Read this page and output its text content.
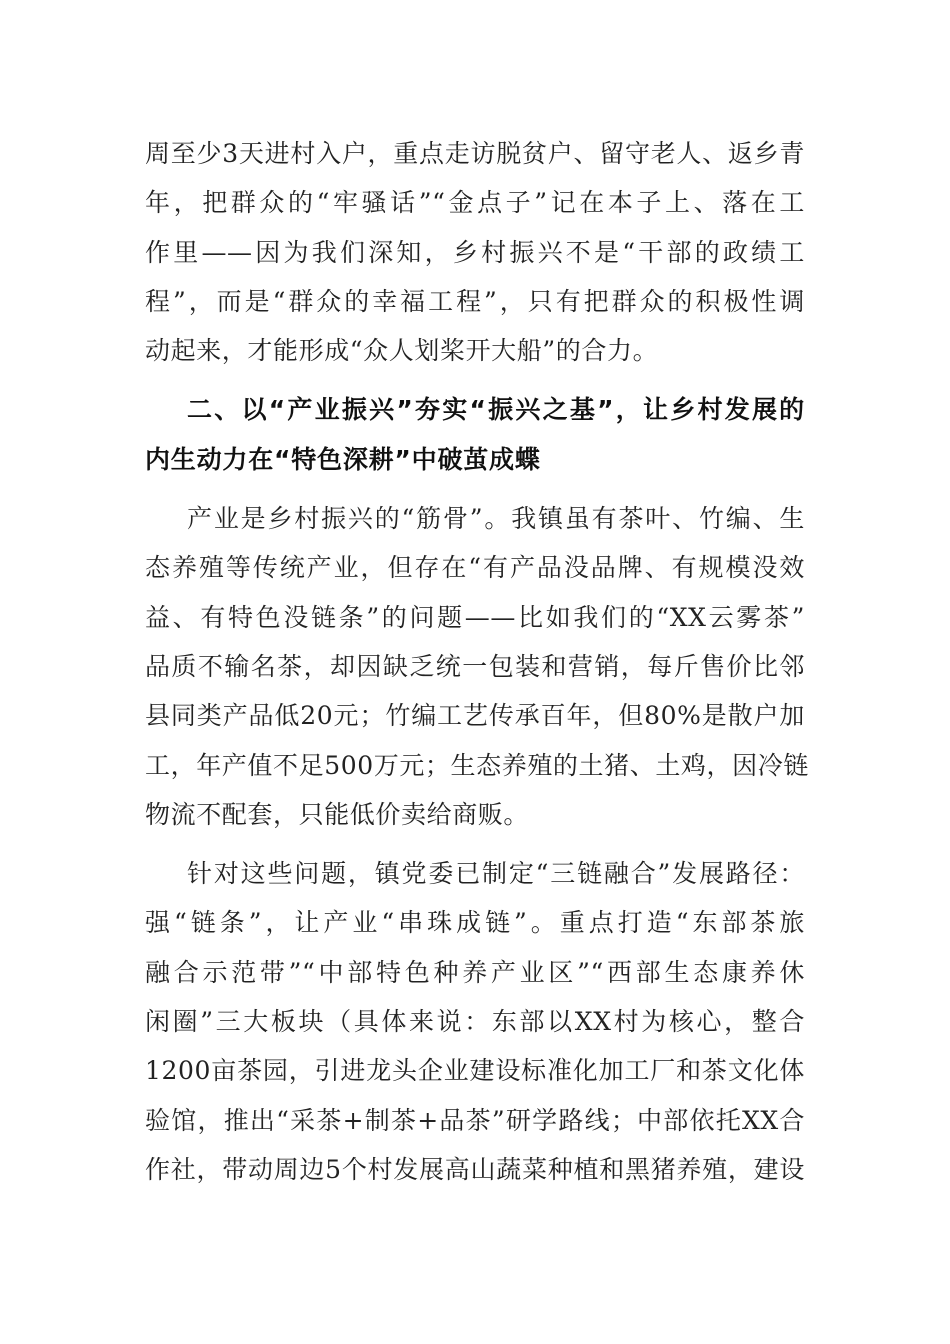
周至少3天进村入户，重点走访脱贫户、留守老人、返乡青
年，把群众的“牢骚话”“金点子”记在本子上、落在工
作里——因为我们深知，乡村振兴不是“干部的政绩工
程”，而是“群众的幸福工程”，只有把群众的积极性调
动起来，才能形成“众人划桨开大船”的合力。
二、以“产业振兴”夯实“振兴之基”，让乡村发展的
内生动力在“特色深耕”中破茧成蝶
产业是乡村振兴的“筋骨”。我镇虽有茶叶、竹编、生
态养殖等传统产业，但存在“有产品没品牌、有规模没效
益、有特色没链条”的问题——比如我们的“XX云雾茶”
品质不输名茶，却因缺乏统一包装和营销，每斤售价比邻
县同类产品低20元；竹编工艺传承百年，但80%是散户加
工，年产值不足500万元；生态养殖的土猪、土鸡，因冷链
物流不配套，只能低价卖给商贩。
针对这些问题，镇党委已制定“三链融合”发展路径：
强“链条”，让产业“串珠成链”。重点打造“东部茶旅
融合示范带”“中部特色种养产业区”“西部生态康养休
闲圈”三大板块（具体来说：东部以XX村为核心，整合
1200亩茶园，引进龙头企业建设标准化加工厂和茶文化体
验馆，推出“采茶+制茶+品茶”研学路线；中部依托XX合
作社，带动周边5个村发展高山蔬菜种植和黑猪养殖，建设
